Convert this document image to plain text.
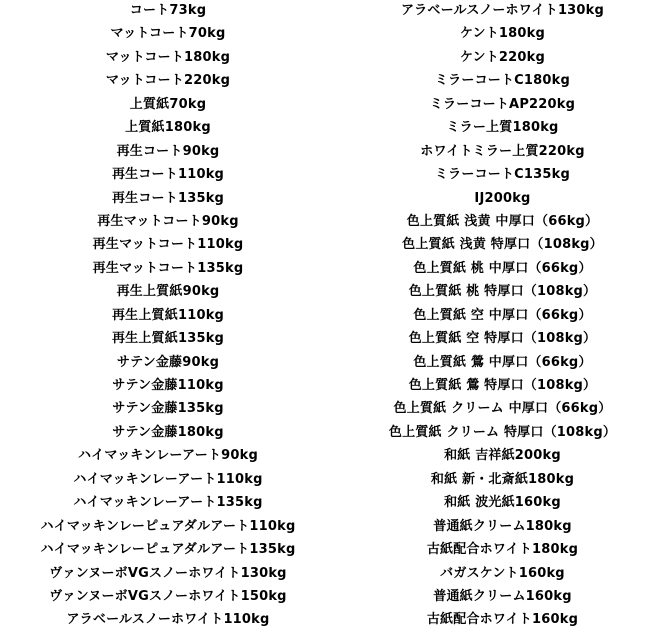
コート73kg
マットコート70kg
マットコート180kg
マットコート220kg
上質紙70kg
上質紙180kg
再生コート90kg
再生コート110kg
再生コート135kg
再生マットコート90kg
再生マットコート110kg
再生マットコート135kg
再生上質紙90kg
再生上質紙110kg
再生上質紙135kg
サテン金藤90kg
サテン金藤110kg
サテン金藤135kg
サテン金藤180kg
ハイマッキンレーアート90kg
ハイマッキンレーアート110kg
ハイマッキンレーアート135kg
ハイマッキンレーピュアダルアート110kg
ハイマッキンレーピュアダルアート135kg
ヴァンヌーボVGスノーホワイト130kg
ヴァンヌーボVGスノーホワイト150kg
アラベールスノーホワイト110kg
アラベールスノーホワイト130kg
ケント180kg
ケント220kg
ミラーコートC180kg
ミラーコートAP220kg
ミラー上質180kg
ホワイトミラー上質220kg
ミラーコートC135kg
IJ200kg
色上質紙 浅黄 中厚口（66kg）
色上質紙 浅黄 特厚口（108kg）
色上質紙 桃 中厚口（66kg）
色上質紙 桃 特厚口（108kg）
色上質紙 空 中厚口（66kg）
色上質紙 空 特厚口（108kg）
色上質紙 鶯 中厚口（66kg）
色上質紙 鶯 特厚口（108kg）
色上質紙 クリーム 中厚口（66kg）
色上質紙 クリーム 特厚口（108kg）
和紙 吉祥紙200kg
和紙 新・北斎紙180kg
和紙 波光紙160kg
普通紙クリーム180kg
古紙配合ホワイト180kg
バガスケント160kg
普通紙クリーム160kg
古紙配合ホワイト160kg
